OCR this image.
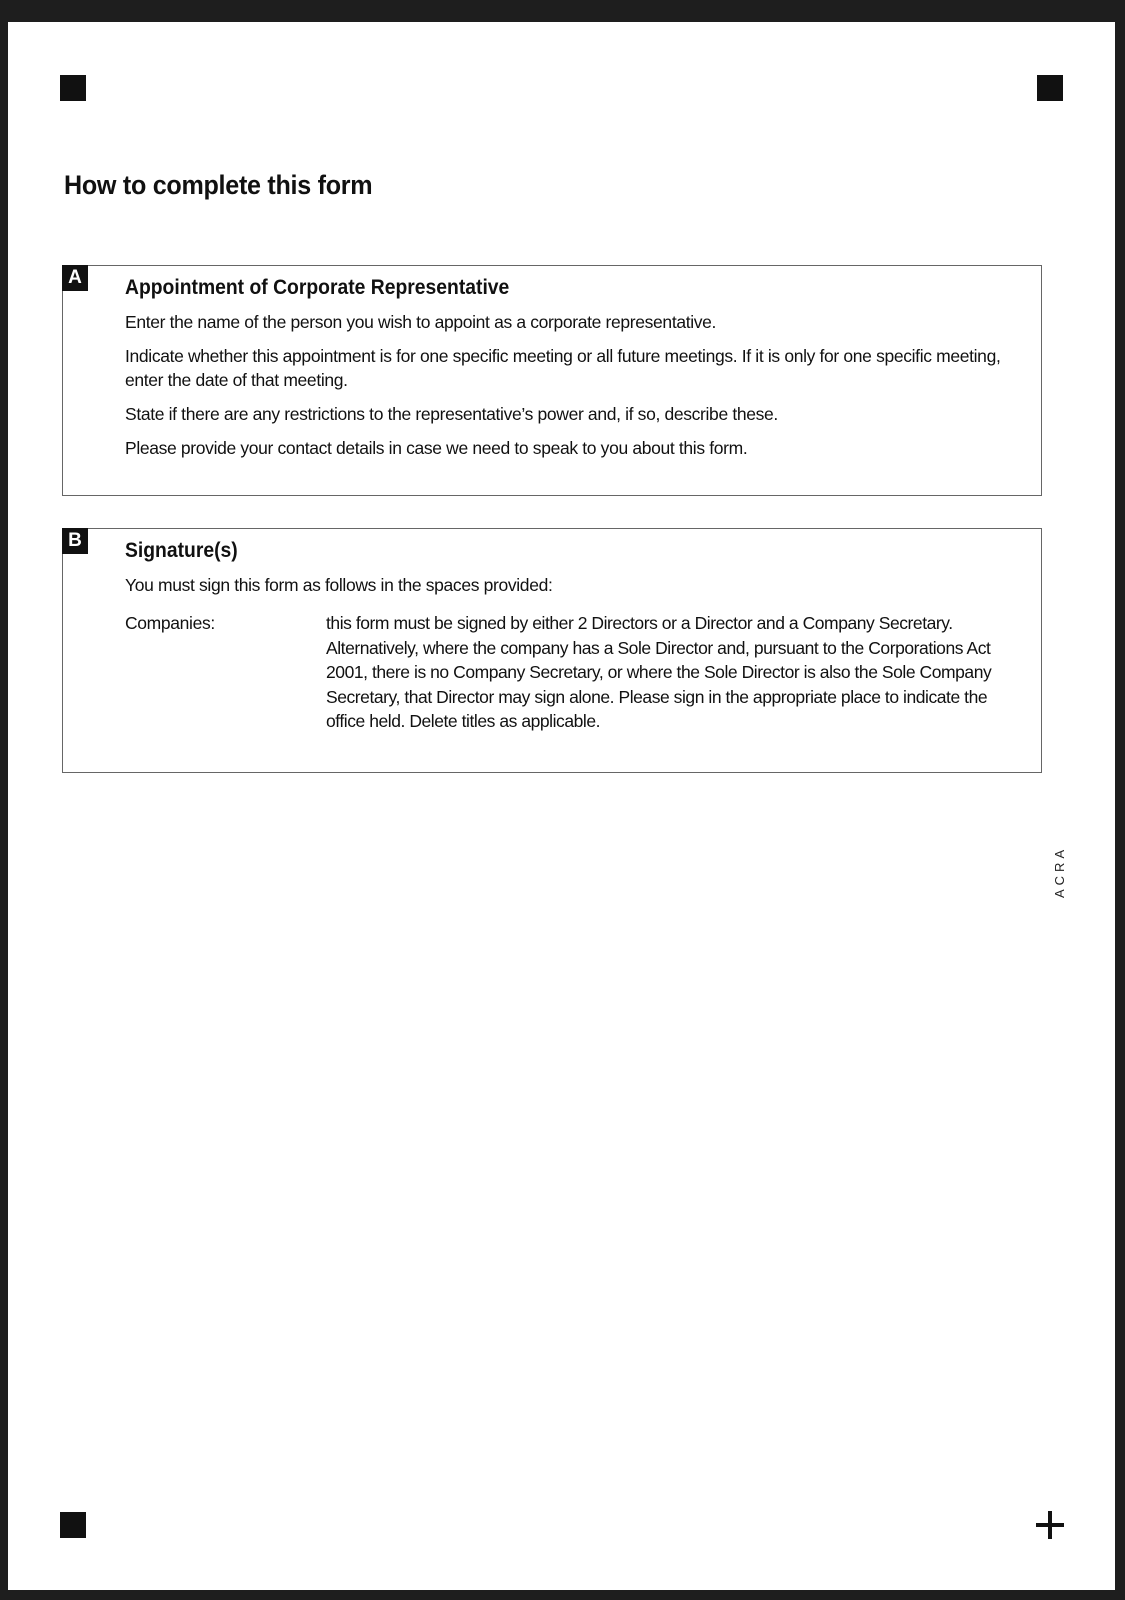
How to complete this form
A Appointment of Corporate Representative

Enter the name of the person you wish to appoint as a corporate representative.

Indicate whether this appointment is for one specific meeting or all future meetings. If it is only for one specific meeting, enter the date of that meeting.

State if there are any restrictions to the representative’s power and, if so, describe these.

Please provide your contact details in case we need to speak to you about this form.

B Signature(s)

You must sign this form as follows in the spaces provided:

Companies:	this form must be signed by either 2 Directors or a Director and a Company Secretary. Alternatively, where the company has a Sole Director and, pursuant to the Corporations Act 2001, there is no Company Secretary, or where the Sole Director is also the Sole Company Secretary, that Director may sign alone. Please sign in the appropriate place to indicate the office held. Delete titles as applicable.
ACRA
